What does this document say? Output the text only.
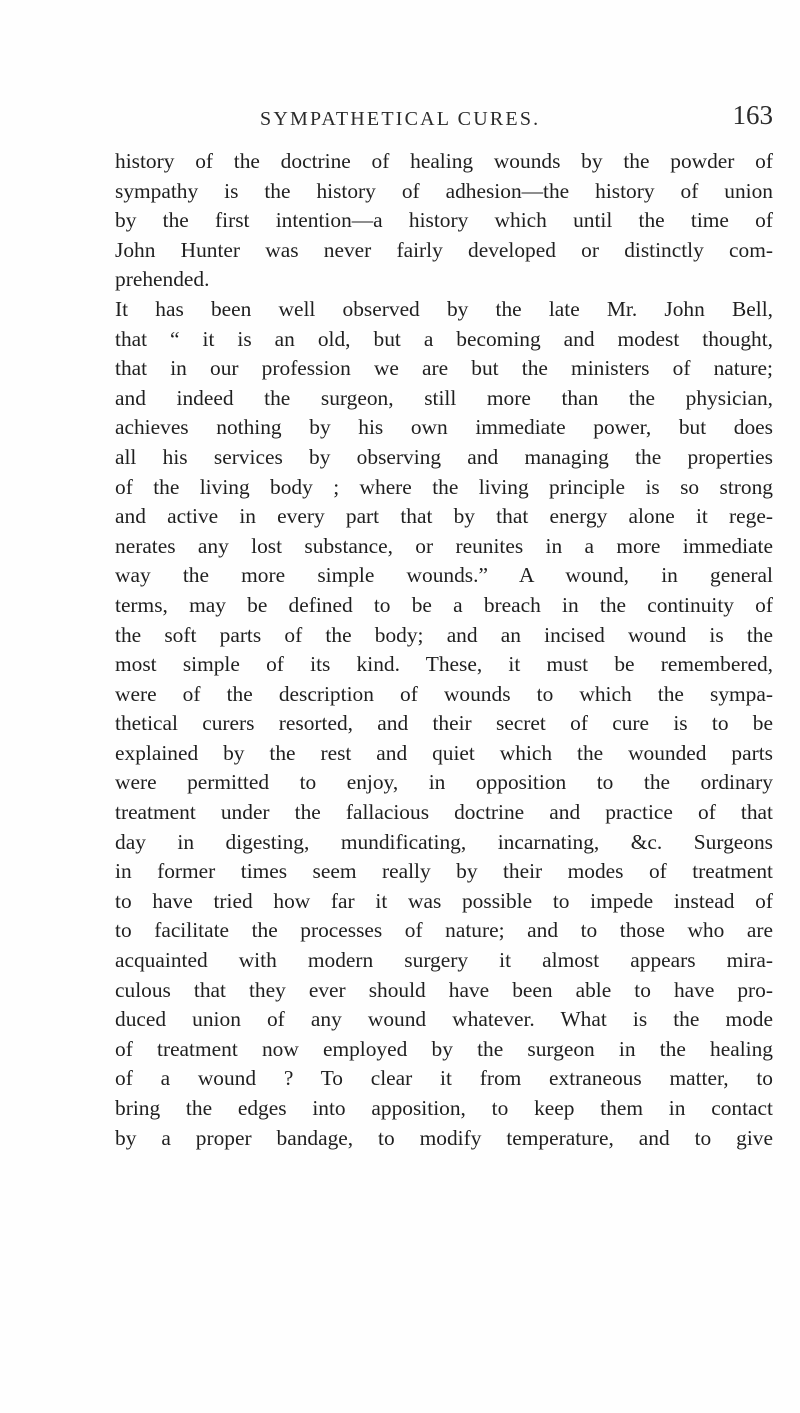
SYMPATHETICAL CURES.	163
history of the doctrine of healing wounds by the powder of
sympathy is the history of adhesion—the history of union
by the first intention—a history which until the time of
John Hunter was never fairly developed or distinctly com-
prehended.
It has been well observed by the late Mr. John Bell,
that “ it is an old, but a becoming and modest thought,
that in our profession we are but the ministers of nature;
and indeed the surgeon, still more than the physician,
achieves nothing by his own immediate power, but does
all his services by observing and managing the properties
of the living body ; where the living principle is so strong
and active in every part that by that energy alone it rege-
nerates any lost substance, or reunites in a more immediate
way the more simple wounds.” A wound, in general
terms, may be defined to be a breach in the continuity of
the soft parts of the body; and an incised wound is the
most simple of its kind. These, it must be remembered,
were of the description of wounds to which the sympa-
thetical curers resorted, and their secret of cure is to be
explained by the rest and quiet which the wounded parts
were permitted to enjoy, in opposition to the ordinary
treatment under the fallacious doctrine and practice of that
day in digesting, mundificating, incarnating, &c. Surgeons
in former times seem really by their modes of treatment
to have tried how far it was possible to impede instead of
to facilitate the processes of nature; and to those who are
acquainted with modern surgery it almost appears mira-
culous that they ever should have been able to have pro-
duced union of any wound whatever. What is the mode
of treatment now employed by the surgeon in the healing
of a wound ? To clear it from extraneous matter, to
bring the edges into apposition, to keep them in contact
by a proper bandage, to modify temperature, and to give
